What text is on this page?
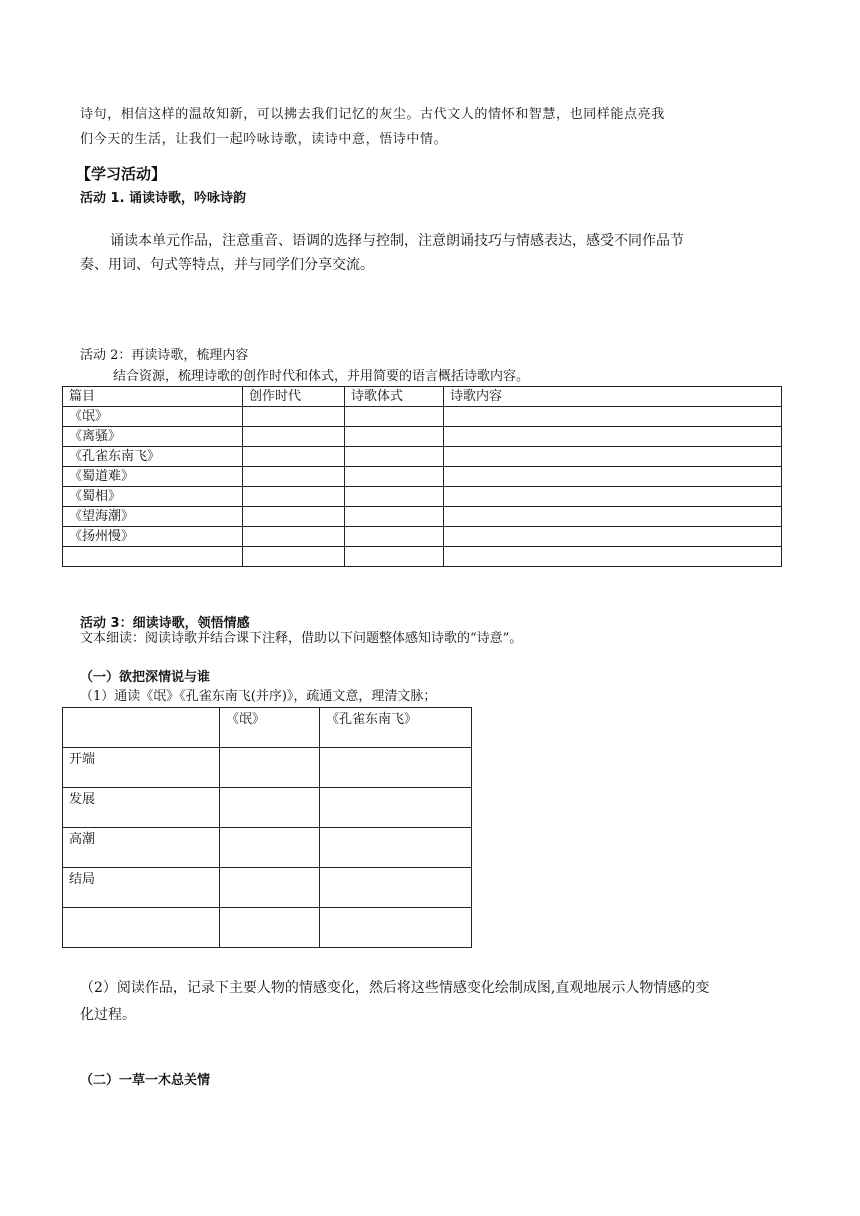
诗句，相信这样的温故知新，可以拂去我们记忆的灰尘。古代文人的情怀和智慧，也同样能点亮我
们今天的生活，让我们一起吟咏诗歌，读诗中意，悟诗中情。
【学习活动】
活动 1. 诵读诗歌，吟咏诗韵
诵读本单元作品，注意重音、语调的选择与控制，注意朗诵技巧与情感表达，感受不同作品节
奏、用词、句式等特点，并与同学们分享交流。
活动 2：再读诗歌，梳理内容
结合资源，梳理诗歌的创作时代和体式，并用简要的语言概括诗歌内容。
篇目	创作时代	诗歌体式	诗歌内容
《氓》			
《离骚》			
《孔雀东南飞》			
《蜀道难》			
《蜀相》			
《望海潮》			
《扬州慢》			

活动 3：细读诗歌，领悟情感
文本细读：阅读诗歌并结合课下注释，借助以下问题整体感知诗歌的“诗意”。
（一）欲把深情说与谁
（1）通读《氓》《孔雀东南飞(并序)》，疏通文意，理清文脉；
	《氓》	《孔雀东南飞》
开端		
发展		
高潮		
结局		

（2）阅读作品，记录下主要人物的情感变化，然后将这些情感变化绘制成图,直观地展示人物情感的变
化过程。
（二）一草一木总关情
